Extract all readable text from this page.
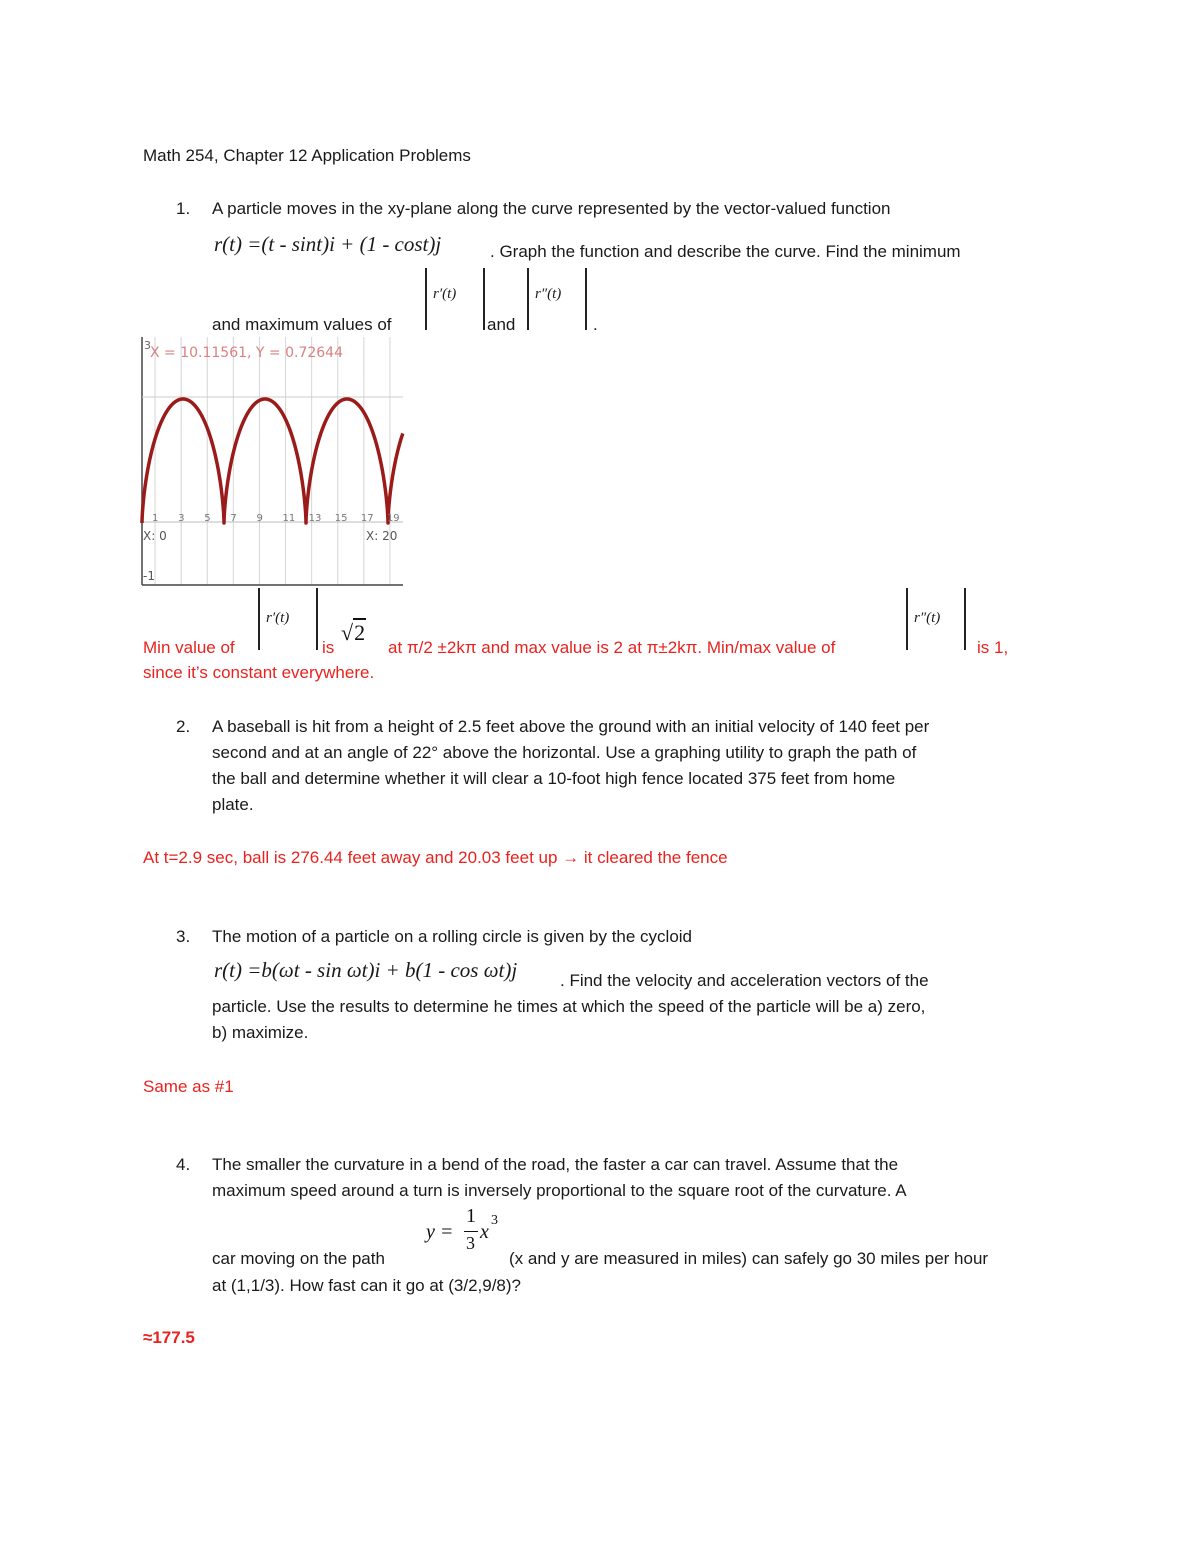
Math 254, Chapter 12 Application Problems
1. A particle moves in the xy-plane along the curve represented by the vector-valued function
r(t) =(t - sint)i + (1 - cost)j	. Graph the function and describe the curve. Find the minimum
r′(t)	r″(t)
and maximum values of	and	.
1 3 5 7 9 11 13 15 17 19
X = 10.11561, Y = 0.72644
3
X: 0	X: 20
-1
r′(t)	r″(t)
Min value of	is
√2
at π/2 ±2kπ and max value is 2 at π±2kπ. Min/max value of	is 1,
since it’s constant everywhere.
2. A baseball is hit from a height of 2.5 feet above the ground with an initial velocity of 140 feet per
second and at an angle of 22° above the horizontal. Use a graphing utility to graph the path of
the ball and determine whether it will clear a 10-foot high fence located 375 feet from home
plate.
At t=2.9 sec, ball is 276.44 feet away and 20.03 feet up → it cleared the fence
3. The motion of a particle on a rolling circle is given by the cycloid
r(t) =b(ωt - sin ωt)i + b(1 - cos ωt)j	. Find the velocity and acceleration vectors of the
particle. Use the results to determine he times at which the speed of the particle will be a) zero,
b) maximize.
Same as #1
4. The smaller the curvature in a bend of the road, the faster a car can travel. Assume that the
maximum speed around a turn is inversely proportional to the square root of the curvature. A
y =
1
3 x
3
car moving on the path	(x and y are measured in miles) can safely go 30 miles per hour
at (1,1/3). How fast can it go at (3/2,9/8)?
≈177.5
